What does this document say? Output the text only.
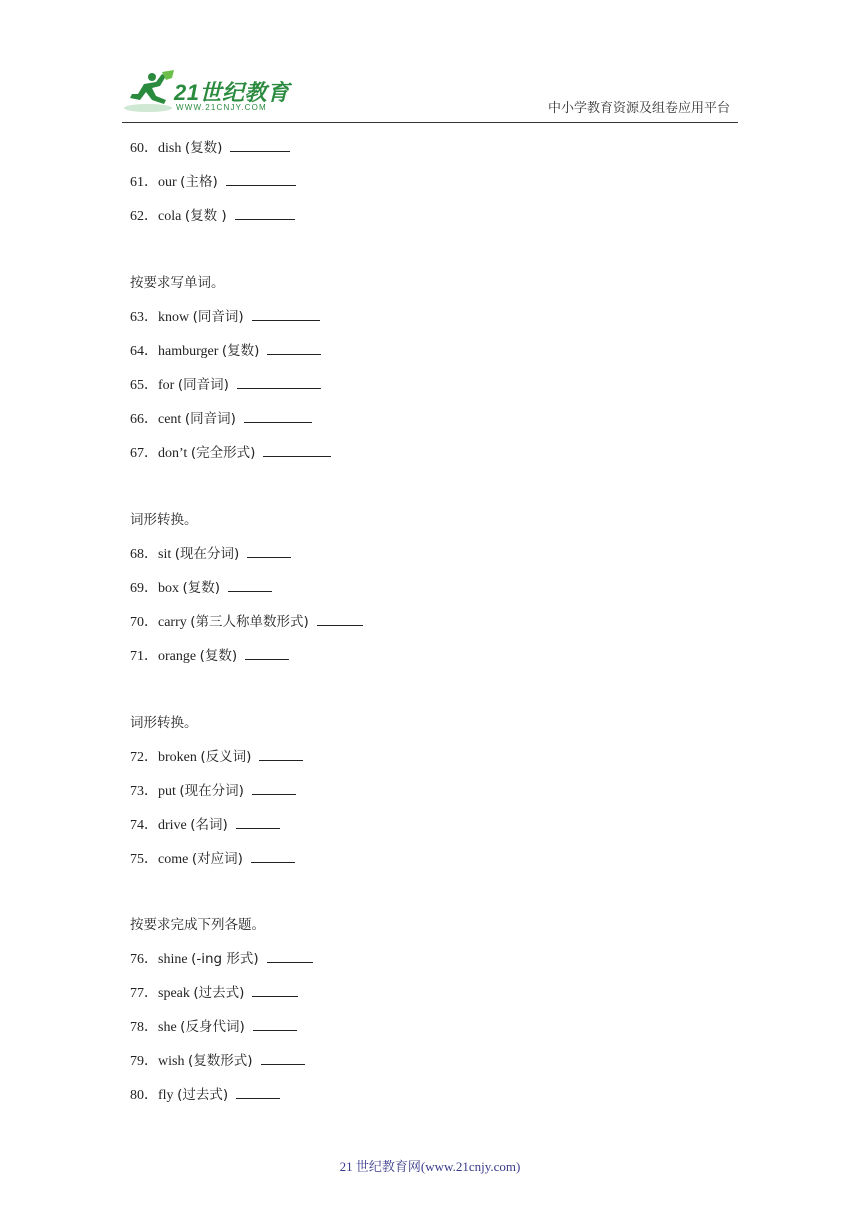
21世纪教育
WWW.21CNJY.COM	中小学教育资源及组卷应用平台
60．dish (复数)
61．our (主格)
62．cola (复数 )
按要求写单词。
63．know (同音词)
64．hamburger (复数)
65．for (同音词)
66．cent (同音词)
67．don’t (完全形式)
词形转换。
68．sit (现在分词)
69．box (复数)
70．carry (第三人称单数形式)
71．orange (复数)
词形转换。
72．broken (反义词)
73．put (现在分词)
74．drive (名词)
75．come (对应词)
按要求完成下列各题。
76．shine (-ing 形式)
77．speak (过去式)
78．she (反身代词)
79．wish (复数形式)
80．fly (过去式)
21 世纪教育网(www.21cnjy.com)
